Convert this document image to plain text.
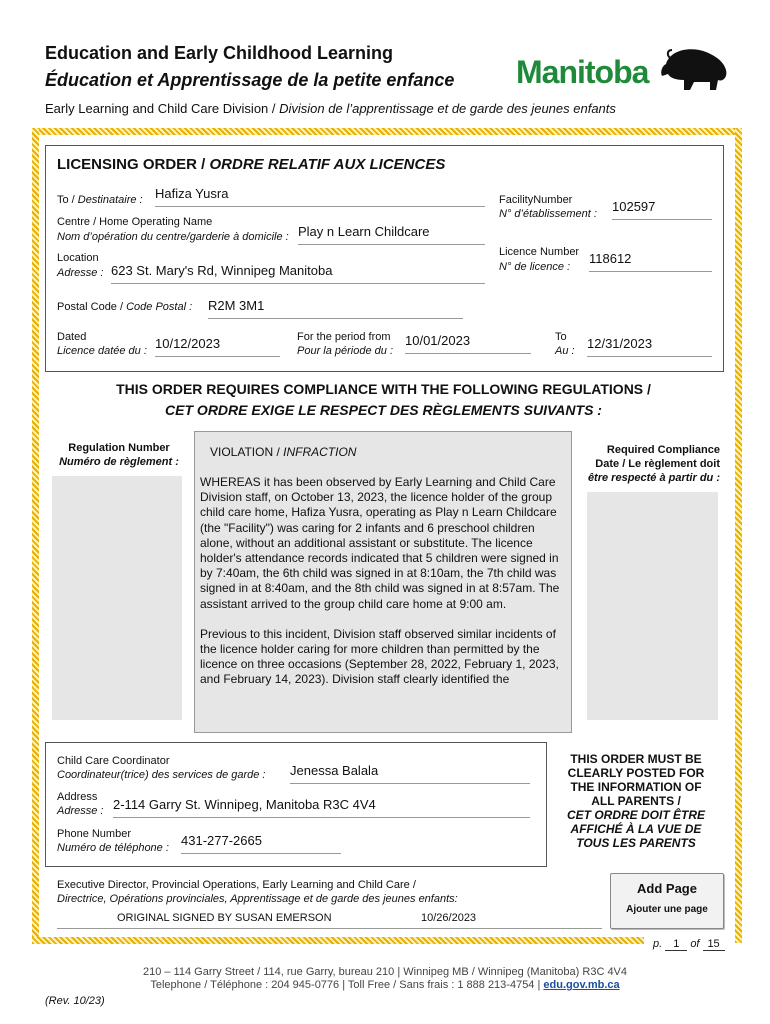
Education and Early Childhood Learning
Éducation et Apprentissage de la petite enfance
Early Learning and Child Care Division / Division de l’apprentissage et de garde des jeunes enfants
Manitoba
LICENSING ORDER / ORDRE RELATIF AUX LICENCES
To / Destinataire : Hafiza Yusra
Centre / Home Operating Name
Nom d’opération du centre/garderie à domicile : Play n Learn Childcare
Location
Adresse : 623 St. Mary's Rd, Winnipeg Manitoba
Postal Code / Code Postal : R2M 3M1
Dated
Licence datée du : 10/12/2023	For the period from
Pour la période du :
10/01/2023	To
Au : 12/31/2023
FacilityNumber
N° d’établissement : 102597
Licence Number
N° de licence :
118612
THIS ORDER REQUIRES COMPLIANCE WITH THE FOLLOWING REGULATIONS /
CET ORDRE EXIGE LE RESPECT DES RÈGLEMENTS SUIVANTS :
Regulation Number
Numéro de règlement :
VIOLATION / INFRACTION
WHEREAS it has been observed by Early Learning and Child Care Division staff, on October 13, 2023, the licence holder of the group child care home, Hafiza Yusra, operating as Play n Learn Childcare (the "Facility") was caring for 2 infants and 6 preschool children alone, without an additional assistant or substitute. The licence holder's attendance records indicated that 5 children were signed in by 7:40am, the 6th child was signed in at 8:10am, the 7th child was signed in at 8:40am, and the 8th child was signed in at 8:57am. The assistant arrived to the group child care home at 9:00 am.
Previous to this incident, Division staff observed similar incidents of the licence holder caring for more children than permitted by the licence on three occasions (September 28, 2022, February 1, 2023, and February 14, 2023). Division staff clearly identified the
Required Compliance
Date / Le règlement doit
être respecté à partir du :
Child Care Coordinator
Coordinateur(trice) des services de garde : Jenessa Balala
Address
Adresse : 2-114 Garry St. Winnipeg, Manitoba R3C 4V4
Phone Number
Numéro de téléphone : 431-277-2665
THIS ORDER MUST BE
CLEARLY POSTED FOR
THE INFORMATION OF
ALL PARENTS /
CET ORDRE DOIT ÊTRE
AFFICHÉ À LA VUE DE
TOUS LES PARENTS
Executive Director, Provincial Operations, Early Learning and Child Care /
Directrice, Opérations provinciales, Apprentissage et de garde des jeunes enfants:
ORIGINAL SIGNED BY SUSAN EMERSON	10/26/2023
Add Page
Ajouter une page
p. 1 of 15
210 – 114 Garry Street / 114, rue Garry, bureau 210 | Winnipeg MB / Winnipeg (Manitoba) R3C 4V4
Telephone / Téléphone : 204 945-0776 | Toll Free / Sans frais : 1 888 213-4754 | edu.gov.mb.ca
(Rev. 10/23)
